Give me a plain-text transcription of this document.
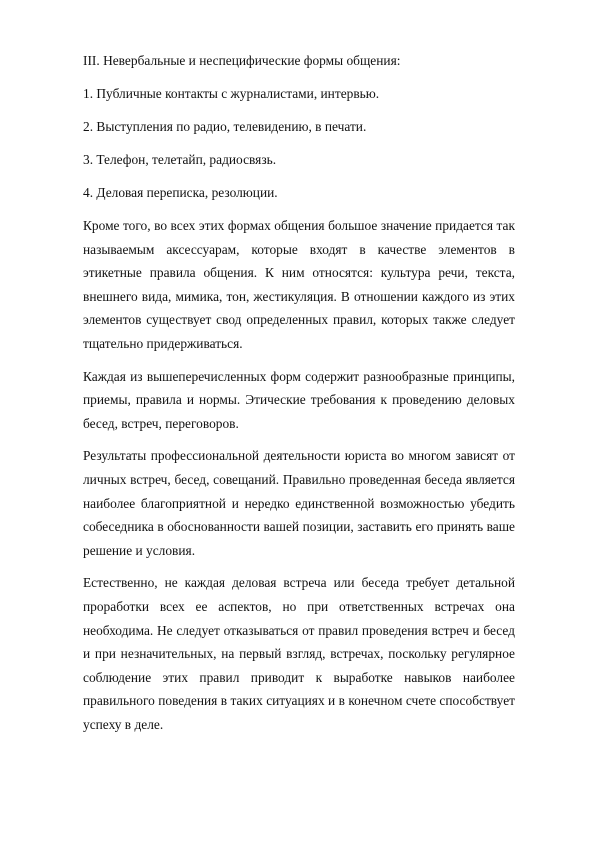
III. Невербальные и неспецифические формы общения:
1. Публичные контакты с журналистами, интервью.
2. Выступления по радио, телевидению, в печати.
3. Телефон, телетайп, радиосвязь.
4. Деловая переписка, резолюции.

Кроме того, во всех этих формах общения большое значение придается так называемым аксессуарам, которые входят в качестве элементов в этикетные правила общения. К ним относятся: культура речи, текста, внешнего вида, мимика, тон, жестикуляция. В отношении каждого из этих элементов существует свод определенных правил, которых также следует тщательно придерживаться.

Каждая из вышеперечисленных форм содержит разнообразные принципы, приемы, правила и нормы. Этические требования к проведению деловых бесед, встреч, переговоров.

Результаты профессиональной деятельности юриста во многом зависят от личных встреч, бесед, совещаний. Правильно проведенная беседа является наиболее благоприятной и нередко единственной возможностью убедить собеседника в обоснованности вашей позиции, заставить его принять ваше решение и условия.

Естественно, не каждая деловая встреча или беседа требует детальной проработки всех ее аспектов, но при ответственных встречах она необходима. Не следует отказываться от правил проведения встреч и бесед и при незначительных, на первый взгляд, встречах, поскольку регулярное соблюдение этих правил приводит к выработке навыков наиболее правильного поведения в таких ситуациях и в конечном счете способствует успеху в деле.
